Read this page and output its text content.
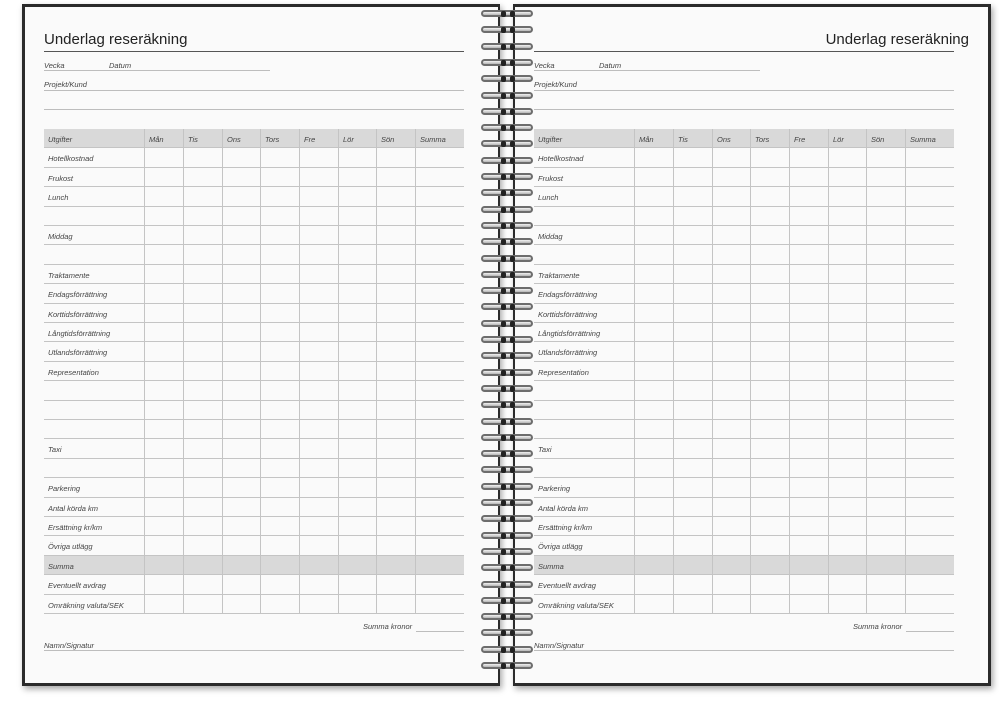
Underlag reseräkning
Vecka	Datum
Projekt/Kund
Utgifter	Mån	Tis	Ons	Tors	Fre	Lör	Sön	Summa
Hotellkostnad
Frukost
Lunch
Middag
Traktamente
Endagsförrättning
Korttidsförrättning
Långtidsförrättning
Utlandsförrättning
Representation
Taxi
Parkering
Antal körda km
Ersättning kr/km
Övriga utlägg
Summa
Eventuellt avdrag
Omräkning valuta/SEK
Summa kronor
Namn/Signatur
Underlag reseräkning
Vecka	Datum
Projekt/Kund
Utgifter	Mån	Tis	Ons	Tors	Fre	Lör	Sön	Summa
Hotellkostnad
Frukost
Lunch
Middag
Traktamente
Endagsförrättning
Korttidsförrättning
Långtidsförrättning
Utlandsförrättning
Representation
Taxi
Parkering
Antal körda km
Ersättning kr/km
Övriga utlägg
Summa
Eventuellt avdrag
Omräkning valuta/SEK
Summa kronor
Namn/Signatur
